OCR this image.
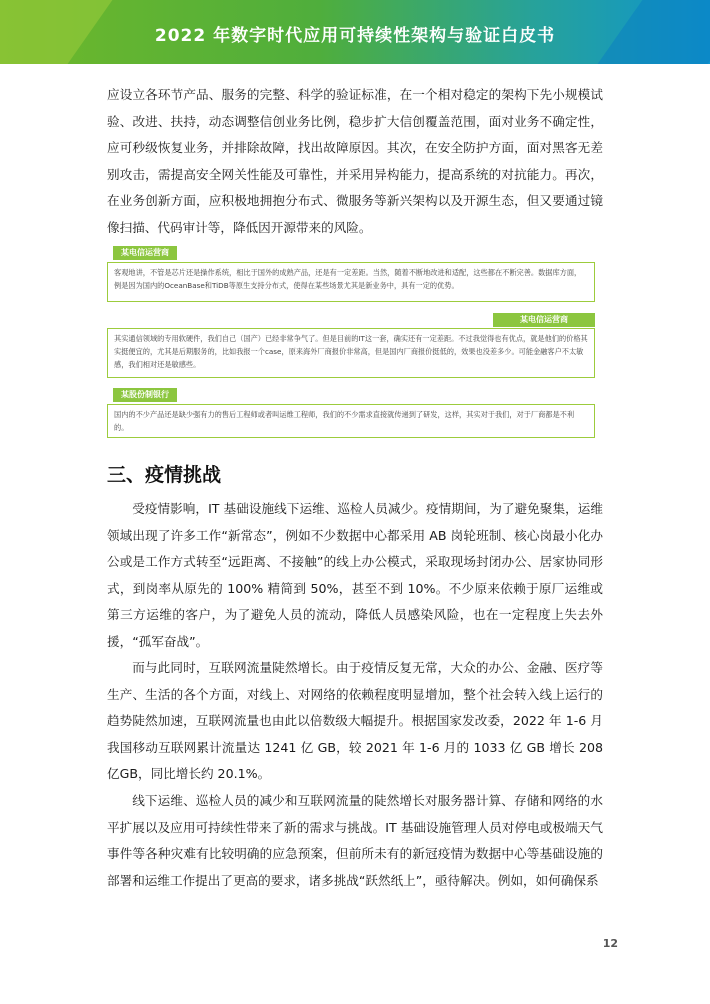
2022 年数字时代应用可持续性架构与验证白皮书

应设立各环节产品、服务的完整、科学的验证标准，在一个相对稳定的架构下先小规模试验、改进、扶持，动态调整信创业务比例，稳步扩大信创覆盖范围，面对业务不确定性，应可秒级恢复业务，并排除故障，找出故障原因。其次，在安全防护方面，面对黑客无差别攻击，需提高安全网关性能及可靠性，并采用异构能力，提高系统的对抗能力。再次，在业务创新方面，应积极地拥抱分布式、微服务等新兴架构以及开源生态，但又要通过镜像扫描、代码审计等，降低因开源带来的风险。

某电信运营商
客观地讲，不管是芯片还是操作系统，相比于国外的成熟产品，还是有一定差距。当然，随着不断地改进和适配，这些都在不断完善。数据库方面，例是因为国内的OceanBase和TiDB等原生支持分布式，使得在某些场景尤其是新业务中，具有一定的优势。
某电信运营商
其实通信领域的专用软硬件，我们自己（国产）已经非常争气了。但是目前的IT这一套，确实还有一定差距。不过我觉得也有优点，就是他们的价格其实挺便宜的，尤其是后期服务的，比如我报一个case，原来海外厂商报价非常高，但是国内厂商报价挺低的，效果也没差多少。可能金融客户不太敏感，我们相对还是敏感些。
某股份制银行
国内的不少产品还是缺少强有力的售后工程师或者叫运维工程师，我们的不少需求直接就传递到了研发，这样，其实对于我们，对于厂商都是不利的。
三、疫情挑战

受疫情影响，IT 基础设施线下运维、巡检人员减少。疫情期间，为了避免聚集，运维领域出现了许多工作“新常态”，例如不少数据中心都采用 AB 岗轮班制、核心岗最小化办公或是工作方式转至“远距离、不接触”的线上办公模式，采取现场封闭办公、居家协同形式，到岗率从原先的 100% 精简到 50%，甚至不到 10%。不少原来依赖于原厂运维或第三方运维的客户，为了避免人员的流动，降低人员感染风险，也在一定程度上失去外援，“孤军奋战”。

而与此同时，互联网流量陡然增长。由于疫情反复无常，大众的办公、金融、医疗等生产、生活的各个方面，对线上、对网络的依赖程度明显增加，整个社会转入线上运行的趋势陡然加速，互联网流量也由此以倍数级大幅提升。根据国家发改委，2022 年 1-6 月我国移动互联网累计流量达 1241 亿 GB，较 2021 年 1-6 月的 1033 亿 GB 增长 208 亿GB，同比增长约 20.1%。

线下运维、巡检人员的减少和互联网流量的陡然增长对服务器计算、存储和网络的水平扩展以及应用可持续性带来了新的需求与挑战。IT 基础设施管理人员对停电或极端天气事件等各种灾难有比较明确的应急预案，但前所未有的新冠疫情为数据中心等基础设施的部署和运维工作提出了更高的要求，诸多挑战“跃然纸上”，亟待解决。例如，如何确保系

12
